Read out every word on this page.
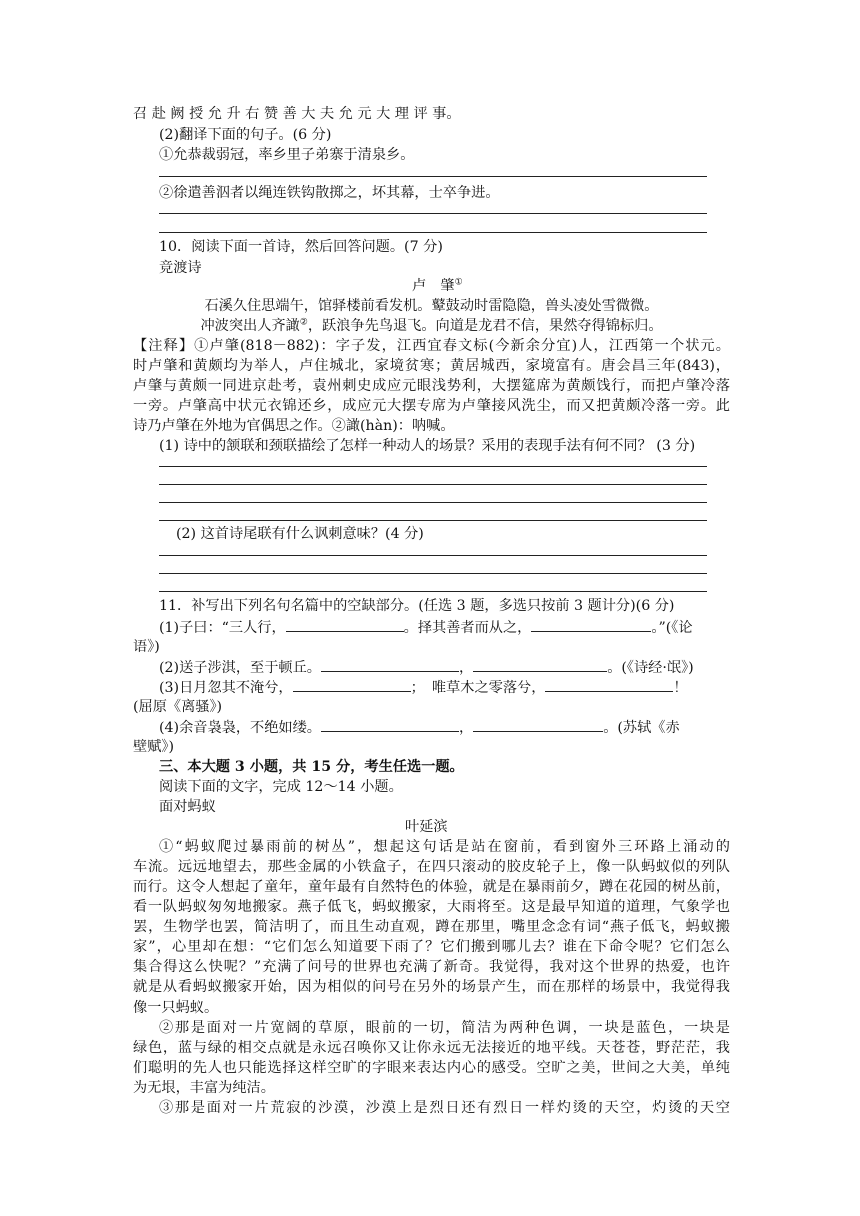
召 赴 阙 授 允 升 右 赞 善 大 夫 允 元 大 理 评 事。
(2)翻译下面的句子。(6 分)
①允恭裁弱冠，率乡里子弟寨于清泉乡。
②徐遣善泅者以绳连铁钩散掷之，坏其幕，士卒争进。
10．阅读下面一首诗，然后回答问题。(7 分)
竞渡诗
卢　肇①
石溪久住思端午，馆驿楼前看发机。鼙鼓动时雷隐隐，兽头凌处雪微微。
冲波突出人齐譀②，跃浪争先鸟退飞。向道是龙君不信，果然夺得锦标归。
【注释】①卢肇(818－882)：字子发，江西宜春文标(今新余分宜)人，江西第一个状元。
时卢肇和黄颇均为举人，卢住城北，家境贫寒；黄居城西，家境富有。唐会昌三年(843)，
卢肇与黄颇一同进京赴考，袁州刺史成应元眼浅势利，大摆筵席为黄颇饯行，而把卢肇冷落
一旁。卢肇高中状元衣锦还乡，成应元大摆专席为卢肇接风洗尘，而又把黄颇冷落一旁。此
诗乃卢肇在外地为官偶思之作。②譀(hàn)：呐喊。
(1) 诗中的颔联和颈联描绘了怎样一种动人的场景？采用的表现手法有何不同？ (3 分)
(2) 这首诗尾联有什么讽刺意味？(4 分)
11．补写出下列名句名篇中的空缺部分。(任选 3 题，多选只按前 3 题计分)(6 分)
(1)子曰：“三人行，	。择其善者而从之，	。”(《论
语》)
(2)送子涉淇，至于顿丘。	，	。(《诗经·氓》)
(3)日月忽其不淹兮，	；　唯草木之零落兮，	！
(屈原《离骚》)
(4)余音袅袅，不绝如缕。	，	。(苏轼《赤
壁赋》)
三、本大题 3 小题，共 15 分，考生任选一题。
阅读下面的文字，完成 12～14 小题。
面对蚂蚁
叶延滨
①“蚂蚁爬过暴雨前的树丛”，想起这句话是站在窗前，看到窗外三环路上涌动的
车流。远远地望去，那些金属的小铁盒子，在四只滚动的胶皮轮子上，像一队蚂蚁似的列队
而行。这令人想起了童年，童年最有自然特色的体验，就是在暴雨前夕，蹲在花园的树丛前，
看一队蚂蚁匆匆地搬家。燕子低飞，蚂蚁搬家，大雨将至。这是最早知道的道理，气象学也
罢，生物学也罢，简洁明了，而且生动直观，蹲在那里，嘴里念念有词“燕子低飞，蚂蚁搬
家”，心里却在想：“它们怎么知道要下雨了？它们搬到哪儿去？谁在下命令呢？它们怎么
集合得这么快呢？”充满了问号的世界也充满了新奇。我觉得，我对这个世界的热爱，也许
就是从看蚂蚁搬家开始，因为相似的问号在另外的场景产生，而在那样的场景中，我觉得我
像一只蚂蚁。
②那是面对一片宽阔的草原，眼前的一切，简洁为两种色调，一块是蓝色，一块是
绿色，蓝与绿的相交点就是永远召唤你又让你永远无法接近的地平线。天苍苍，野茫茫，我
们聪明的先人也只能选择这样空旷的字眼来表达内心的感受。空旷之美，世间之大美，单纯
为无垠，丰富为纯洁。
③那是面对一片荒寂的沙漠，沙漠上是烈日还有烈日一样灼烫的天空，灼烫的天空
